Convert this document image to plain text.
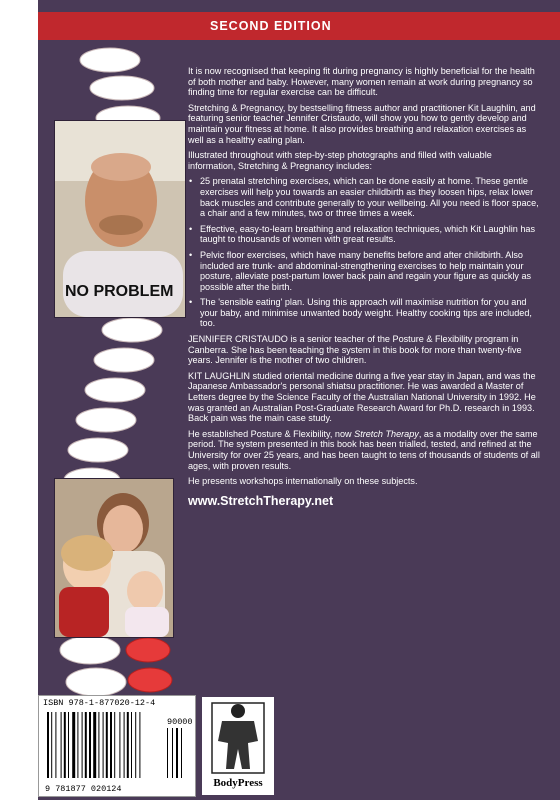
SECOND EDITION
NO PROBLEM

It is now recognised that keeping fit during pregnancy is highly beneficial for the health of both mother and baby. However, many women remain at work during pregnancy so finding time for regular exercise can be difficult.

Stretching & Pregnancy, by bestselling fitness author and practitioner Kit Laughlin, and featuring senior teacher Jennifer Cristaudo, will show you how to gently develop and maintain your fitness at home. It also provides breathing and relaxation exercises as well as a healthy eating plan.

Illustrated throughout with step-by-step photographs and filled with valuable information, Stretching & Pregnancy includes:

• 25 prenatal stretching exercises, which can be done easily at home. These gentle exercises will help you towards an easier childbirth as they loosen hips, relax lower back muscles and contribute generally to your wellbeing. All you need is floor space, a chair and a few minutes, two or three times a week.
• Effective, easy-to-learn breathing and relaxation techniques, which Kit Laughlin has taught to thousands of women with great results.
• Pelvic floor exercises, which have many benefits before and after childbirth. Also included are trunk- and abdominal-strengthening exercises to help maintain your posture, alleviate post-partum lower back pain and regain your figure as quickly as possible after the birth.
• The 'sensible eating' plan. Using this approach will maximise nutrition for you and your baby, and minimise unwanted body weight. Healthy cooking tips are included, too.

JENNIFER CRISTAUDO is a senior teacher of the Posture & Flexibility program in Canberra. She has been teaching the system in this book for more than twenty-five years. Jennifer is the mother of two children.

KIT LAUGHLIN studied oriental medicine during a five year stay in Japan, and was the Japanese Ambassador's personal shiatsu practitioner. He was awarded a Master of Letters degree by the Science Faculty of the Australian National University in 1992. He was granted an Australian Post-Graduate Research Award for Ph.D. research in 1993. Back pain was the main case study.

He established Posture & Flexibility, now Stretch Therapy, as a modality over the same period. The system presented in this book has been trialled, tested, and refined at the University for over 25 years, and has been taught to tens of thousands of students of all ages, with proven results.

He presents workshops internationally on these subjects.

www.StretchTherapy.net

ISBN 978-1-877020-12-4
90000
9 781877 020124	BodyPress
